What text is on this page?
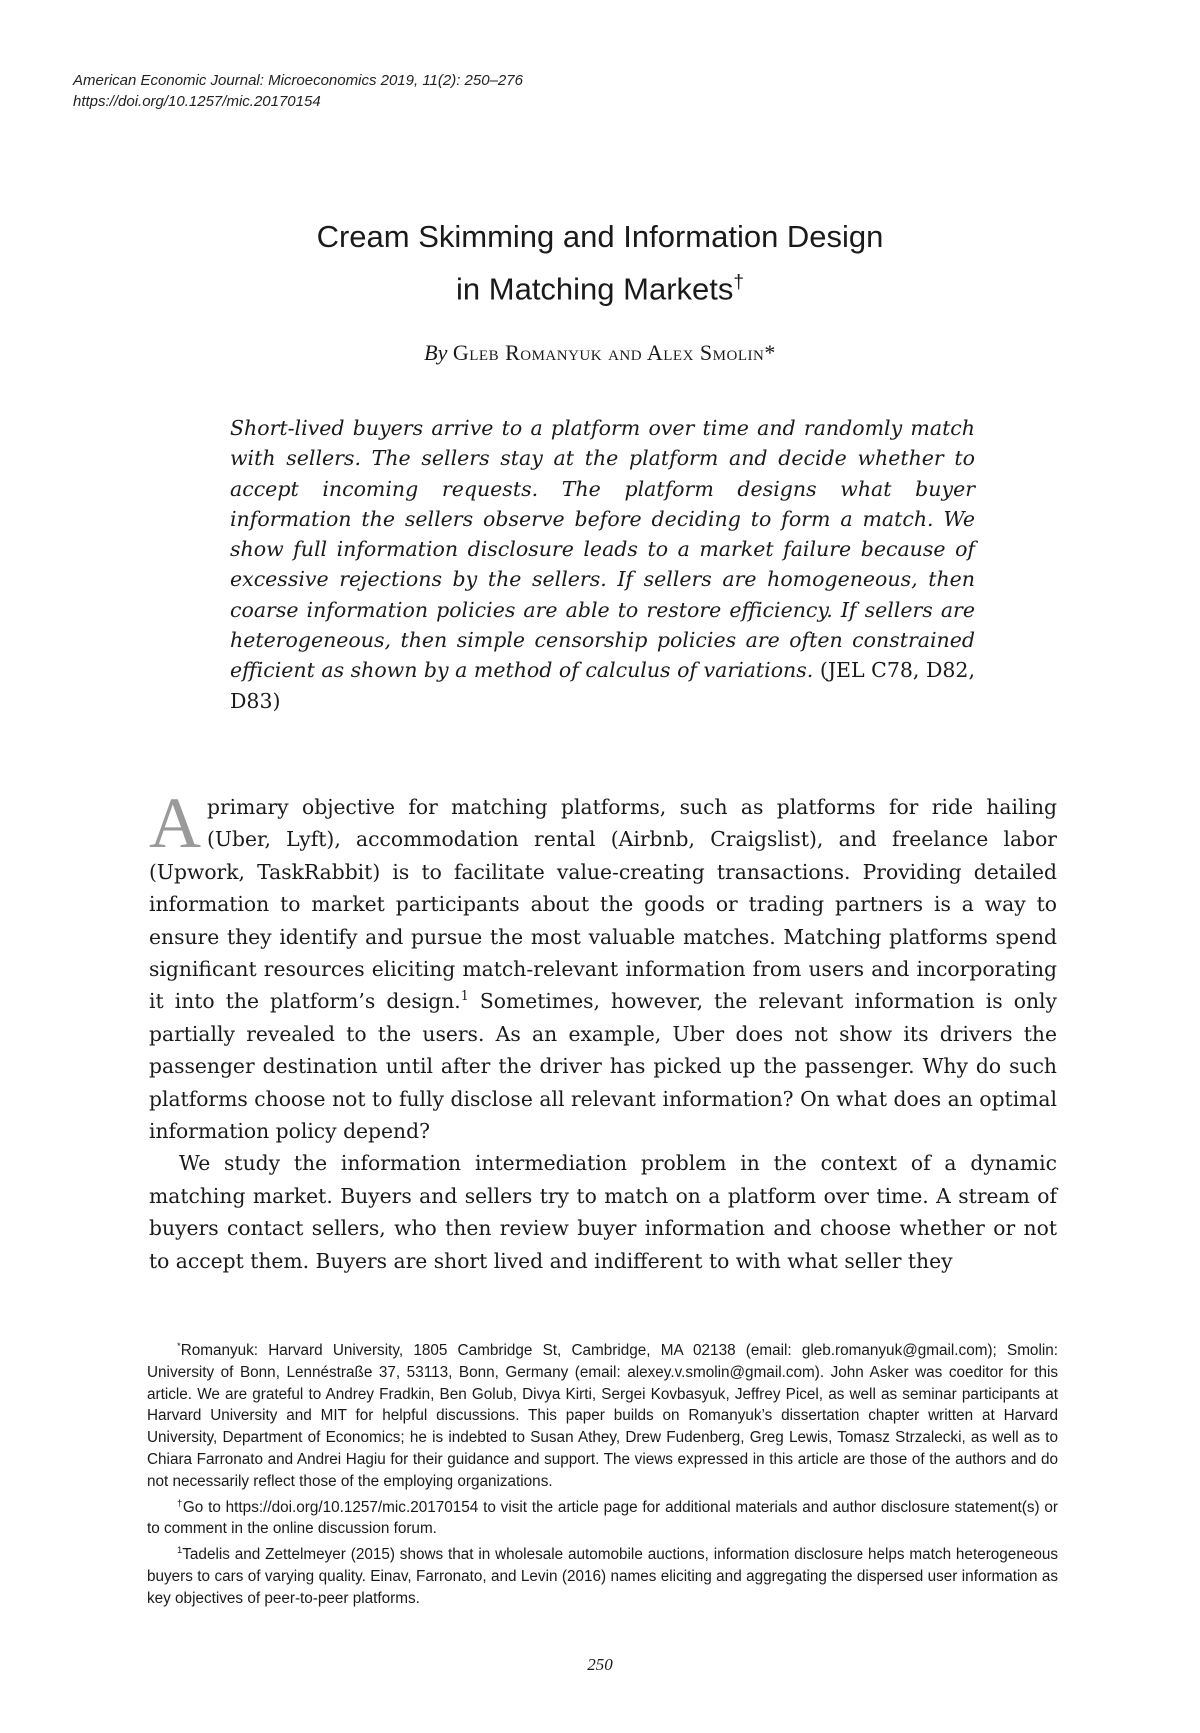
American Economic Journal: Microeconomics 2019, 11(2): 250–276
https://doi.org/10.1257/mic.20170154
Cream Skimming and Information Design
in Matching Markets†
By Gleb Romanyuk and Alex Smolin*
Short-lived buyers arrive to a platform over time and randomly match with sellers. The sellers stay at the platform and decide whether to accept incoming requests. The platform designs what buyer information the sellers observe before deciding to form a match. We show full information disclosure leads to a market failure because of excessive rejections by the sellers. If sellers are homogeneous, then coarse information policies are able to restore efficiency. If sellers are heterogeneous, then simple censorship policies are often constrained efficient as shown by a method of calculus of variations. (JEL C78, D82, D83)

Aprimary objective for matching platforms, such as platforms for ride hailing (Uber, Lyft), accommodation rental (Airbnb, Craigslist), and freelance labor (Upwork, TaskRabbit) is to facilitate value-creating transactions. Providing detailed information to market participants about the goods or trading partners is a way to ensure they identify and pursue the most valuable matches. Matching platforms spend significant resources eliciting match-relevant information from users and incorporating it into the platform’s design.$^1$ Sometimes, however, the relevant information is only partially revealed to the users. As an example, Uber does not show its drivers the passenger destination until after the driver has picked up the passenger. Why do such platforms choose not to fully disclose all relevant information? On what does an optimal information policy depend?

We study the information intermediation problem in the context of a dynamic matching market. Buyers and sellers try to match on a platform over time. A stream of buyers contact sellers, who then review buyer information and choose whether or not to accept them. Buyers are short lived and indifferent to with what seller they

*Romanyuk: Harvard University, 1805 Cambridge St, Cambridge, MA 02138 (email: gleb.romanyuk@gmail.com); Smolin: University of Bonn, Lennéstraße 37, 53113, Bonn, Germany (email: alexey.v.smolin@gmail.com). John Asker was coeditor for this article. We are grateful to Andrey Fradkin, Ben Golub, Divya Kirti, Sergei Kovbasyuk, Jeffrey Picel, as well as seminar participants at Harvard University and MIT for helpful discussions. This paper builds on Romanyuk’s dissertation chapter written at Harvard University, Department of Economics; he is indebted to Susan Athey, Drew Fudenberg, Greg Lewis, Tomasz Strzalecki, as well as to Chiara Farronato and Andrei Hagiu for their guidance and support. The views expressed in this article are those of the authors and do not necessarily reflect those of the employing organizations.

†Go to https://doi.org/10.1257/mic.20170154 to visit the article page for additional materials and author disclosure statement(s) or to comment in the online discussion forum.

$^1$Tadelis and Zettelmeyer (2015) shows that in wholesale automobile auctions, information disclosure helps match heterogeneous buyers to cars of varying quality. Einav, Farronato, and Levin (2016) names eliciting and aggregating the dispersed user information as key objectives of peer-to-peer platforms.

250
